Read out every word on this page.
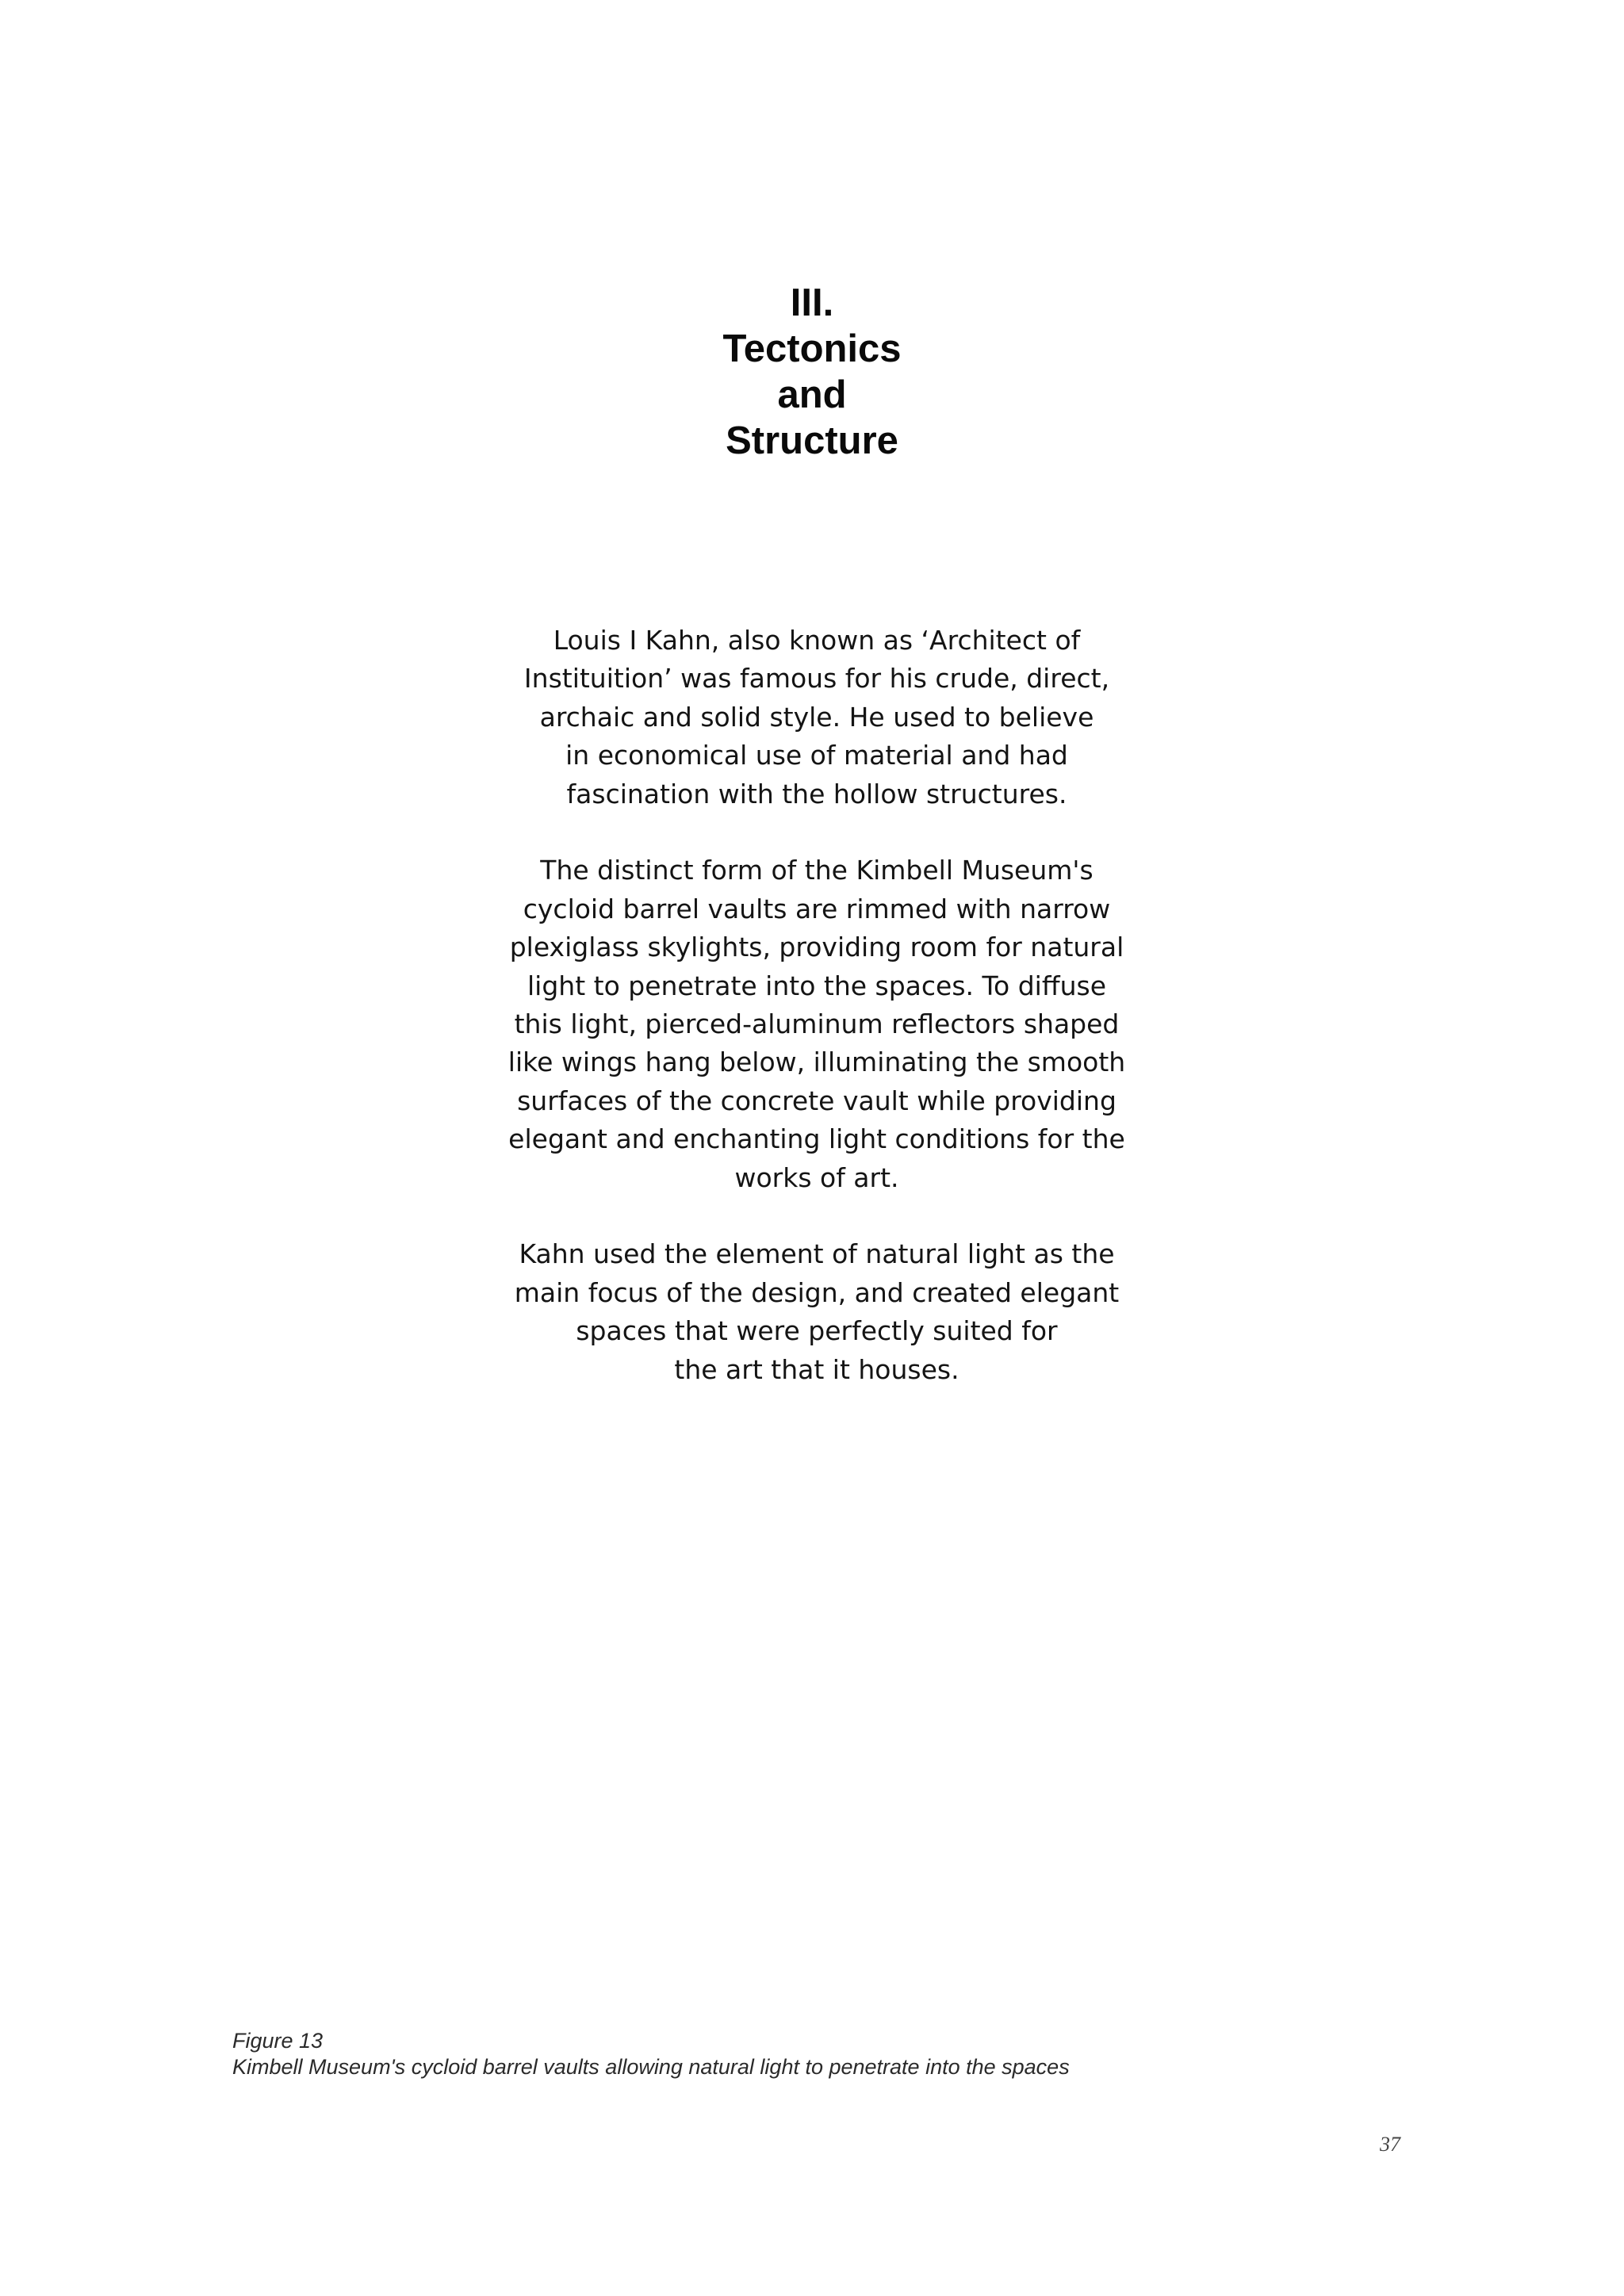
III.
Tectonics
and
Structure

Louis I Kahn, also known as ‘Architect of
Instituition’ was famous for his crude, direct,
archaic and solid style. He used to believe
in economical use of material and had
fascination with the hollow structures.

The distinct form of the Kimbell Museum's
cycloid barrel vaults are rimmed with narrow
plexiglass skylights, providing room for natural
light to penetrate into the spaces. To diffuse
this light, pierced-aluminum reflectors shaped
like wings hang below, illuminating the smooth
surfaces of the concrete vault while providing
elegant and enchanting light conditions for the
works of art.

Kahn used the element of natural light as the
main focus of the design, and created elegant
spaces that were perfectly suited for
the art that it houses.

Figure 13
Kimbell Museum's cycloid barrel vaults allowing natural light to penetrate into the spaces
37
